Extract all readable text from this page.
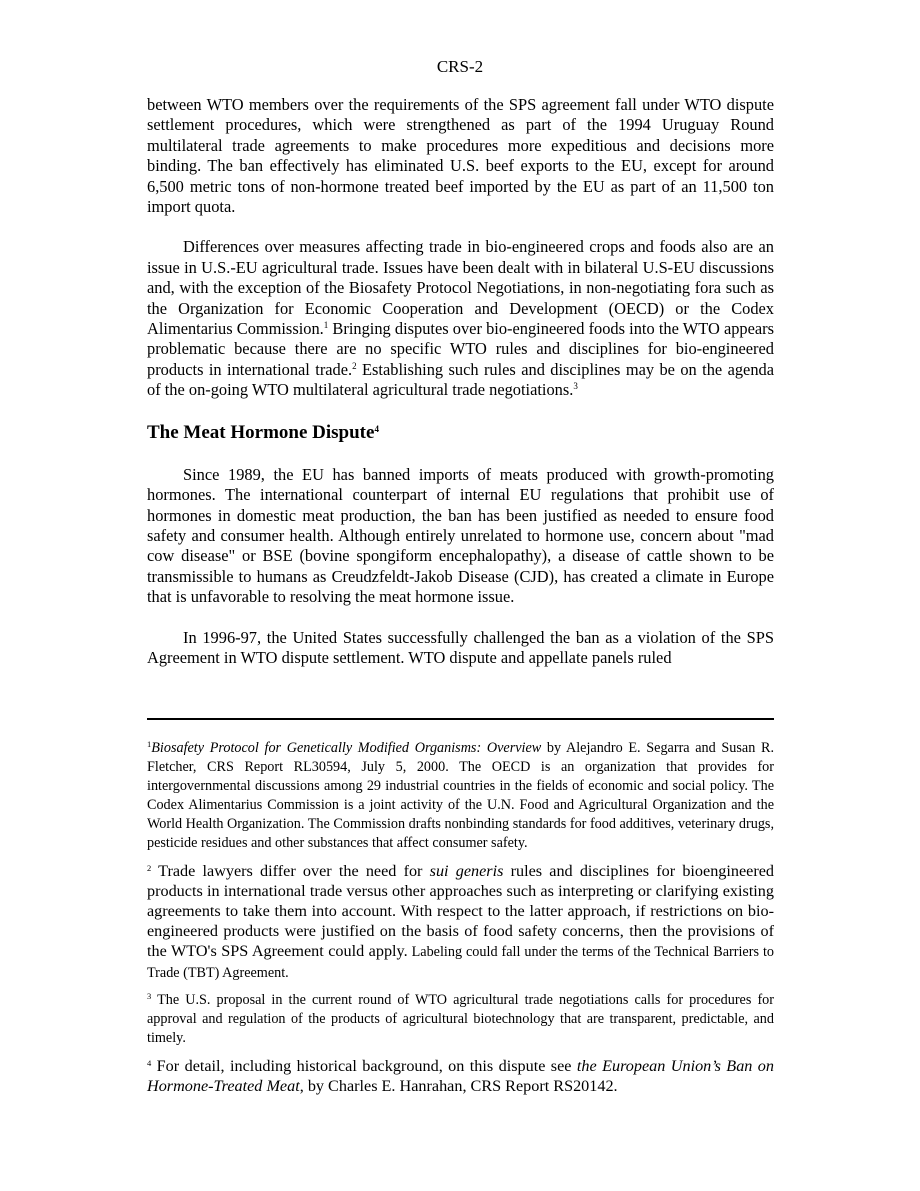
CRS-2

between WTO members over the requirements of the SPS agreement fall under WTO dispute settlement procedures, which were strengthened as part of the 1994 Uruguay Round multilateral trade agreements to make procedures more expeditious and decisions more binding. The ban effectively has eliminated U.S. beef exports to the EU, except for around 6,500 metric tons of non-hormone treated beef imported by the EU as part of an 11,500 ton import quota.

Differences over measures affecting trade in bio-engineered crops and foods also are an issue in U.S.-EU agricultural trade. Issues have been dealt with in bilateral U.S-EU discussions and, with the exception of the Biosafety Protocol Negotiations, in non-negotiating fora such as the Organization for Economic Cooperation and Development (OECD) or the Codex Alimentarius Commission.$^1$ Bringing disputes over bio-engineered foods into the WTO appears problematic because there are no specific WTO rules and disciplines for bio-engineered products in international trade.$^2$ Establishing such rules and disciplines may be on the agenda of the on-going WTO multilateral agricultural trade negotiations.$^3$

The Meat Hormone Dispute$^4$

Since 1989, the EU has banned imports of meats produced with growth-promoting hormones. The international counterpart of internal EU regulations that prohibit use of hormones in domestic meat production, the ban has been justified as needed to ensure food safety and consumer health. Although entirely unrelated to hormone use, concern about "mad cow disease" or BSE (bovine spongiform encephalopathy), a disease of cattle shown to be transmissible to humans as Creudzfeldt-Jakob Disease (CJD), has created a climate in Europe that is unfavorable to resolving the meat hormone issue.

In 1996-97, the United States successfully challenged the ban as a violation of the SPS Agreement in WTO dispute settlement. WTO dispute and appellate panels ruled

$^1$Biosafety Protocol for Genetically Modified Organisms: Overview by Alejandro E. Segarra and Susan R. Fletcher, CRS Report RL30594, July 5, 2000. The OECD is an organization that provides for intergovernmental discussions among 29 industrial countries in the fields of economic and social policy. The Codex Alimentarius Commission is a joint activity of the U.N. Food and Agricultural Organization and the World Health Organization. The Commission drafts nonbinding standards for food additives, veterinary drugs, pesticide residues and other substances that affect consumer safety.

$^2$ Trade lawyers differ over the need for sui generis rules and disciplines for bioengineered products in international trade versus other approaches such as interpreting or clarifying existing agreements to take them into account. With respect to the latter approach, if restrictions on bio-engineered products were justified on the basis of food safety concerns, then the provisions of the WTO's SPS Agreement could apply. Labeling could fall under the terms of the Technical Barriers to Trade (TBT) Agreement.

$^3$ The U.S. proposal in the current round of WTO agricultural trade negotiations calls for procedures for approval and regulation of the products of agricultural biotechnology that are transparent, predictable, and timely.

$^4$ For detail, including historical background, on this dispute see the European Union’s Ban on Hormone-Treated Meat, by Charles E. Hanrahan, CRS Report RS20142.
